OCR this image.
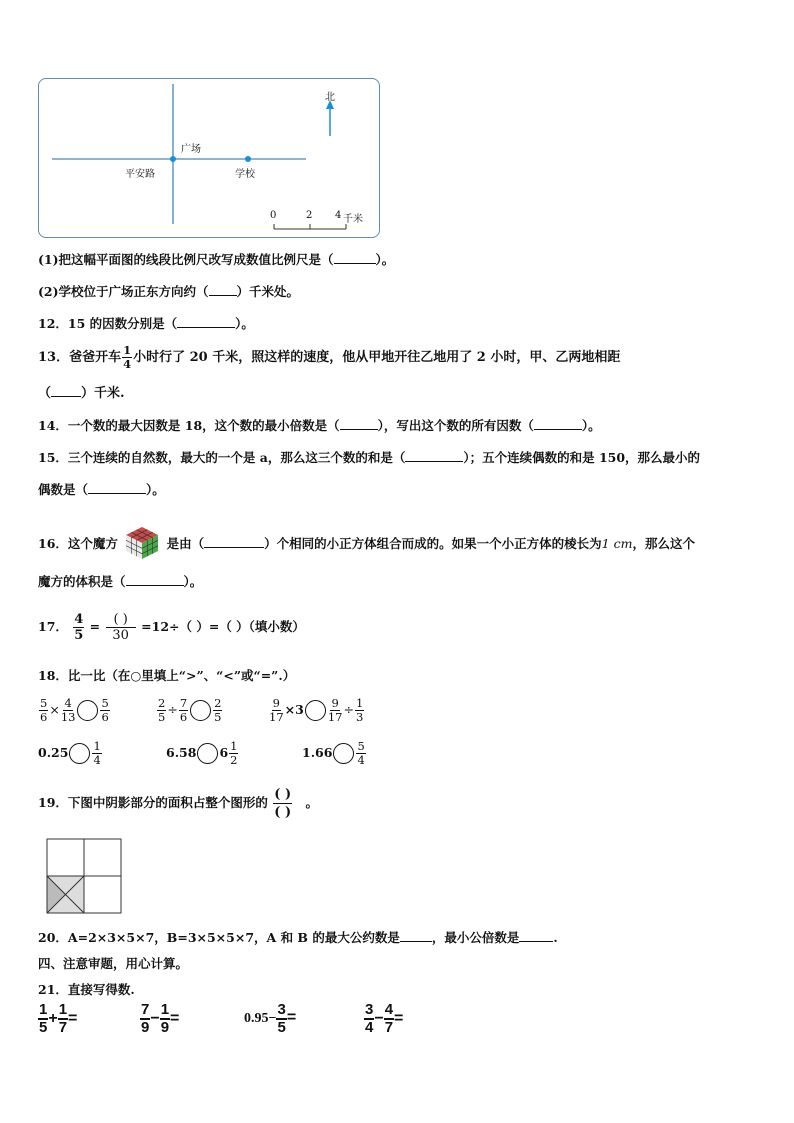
北
广场
平安路	学校
0	2 4 千米
(1)把这幅平面图的线段比例尺改写成数值比例尺是（	）。
(2)学校位于广场正东方向约（ ）千米处。
12．15 的因数分别是（	）。
13．爸爸开车 $\frac{1}{4}$ 小时行了 20 千米，照这样的速度，他从甲地开往乙地用了 2 小时，甲、乙两地相距
（ ）千米.
14．一个数的最大因数是 18，这个数的最小倍数是（	），写出这个数的所有因数（	）。
15．三个连续的自然数，最大的一个是 a，那么这三个数的和是（	）；五个连续偶数的和是 150，那么最小的
偶数是（	）。
16．这个魔方	是由（	）个相同的小正方体组合而成的。如果一个小正方体的棱长为1 cm，那么这个
魔方的体积是（	）。
17． $\frac{4}{5} = \frac{( )}{30} =12\div$（ ）=（ ）（填小数）
18．比一比（在○里填上“>”、“<”或“=”.）
$\frac{5}{6} \times \frac{4}{13} \frac{5}{6}$	$\frac{2}{5} \div \frac{7}{6} \frac{2}{5}$	$\frac{9}{17} \times 3 \frac{9}{17} \div \frac{1}{3}$
$0.25 \frac{1}{4}$	6.58 $6 \frac{1}{2}$	$1.66 \frac{5}{4}$
19．下图中阴影部分的面积占整个图形的 $\frac{( )}{( )}$ 。
20．A=2×3×5×7，B=3×5×5×7，A 和 B 的最大公约数是	，最小公倍数是	.
四、注意审题，用心计算。
21．直接写得数.
$\frac{1}{5} + \frac{1}{7}$ =	$\frac{7}{9} - \frac{1}{9}$ =	$0.95- \frac{3}{5}$ =	$\frac{3}{4} - \frac{4}{7}$ =
